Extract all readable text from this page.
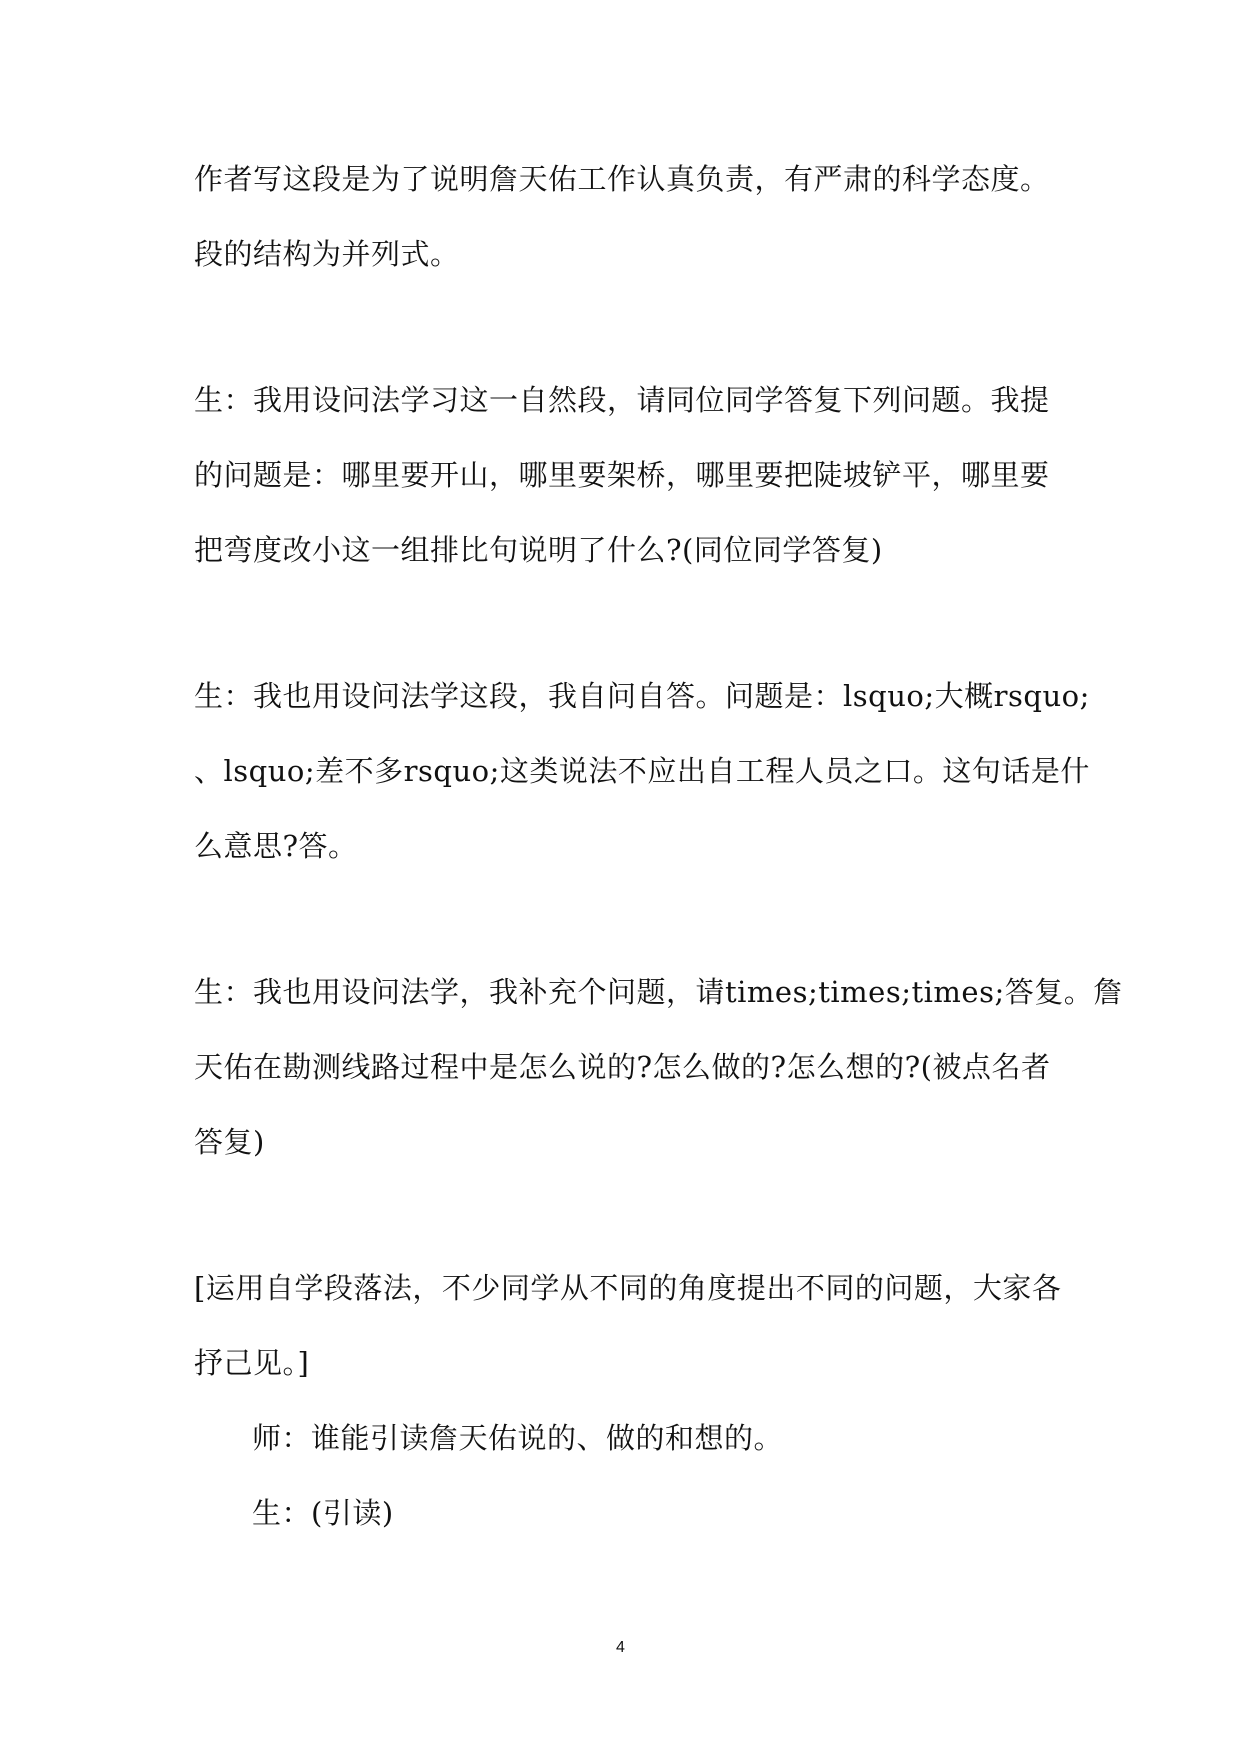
作者写这段是为了说明詹天佑工作认真负责，有严肃的科学态度。
段的结构为并列式。
生：我用设问法学习这一自然段，请同位同学答复下列问题。我提
的问题是：哪里要开山，哪里要架桥，哪里要把陡坡铲平，哪里要
把弯度改小这一组排比句说明了什么?(同位同学答复)
生：我也用设问法学这段，我自问自答。问题是：lsquo;大概rsquo;
、lsquo;差不多rsquo;这类说法不应出自工程人员之口。这句话是什
么意思?答。
生：我也用设问法学，我补充个问题，请times;times;times;答复。詹
天佑在勘测线路过程中是怎么说的?怎么做的?怎么想的?(被点名者
答复)
[运用自学段落法，不少同学从不同的角度提出不同的问题，大家各
抒己见。]
师：谁能引读詹天佑说的、做的和想的。
生：(引读)
4
